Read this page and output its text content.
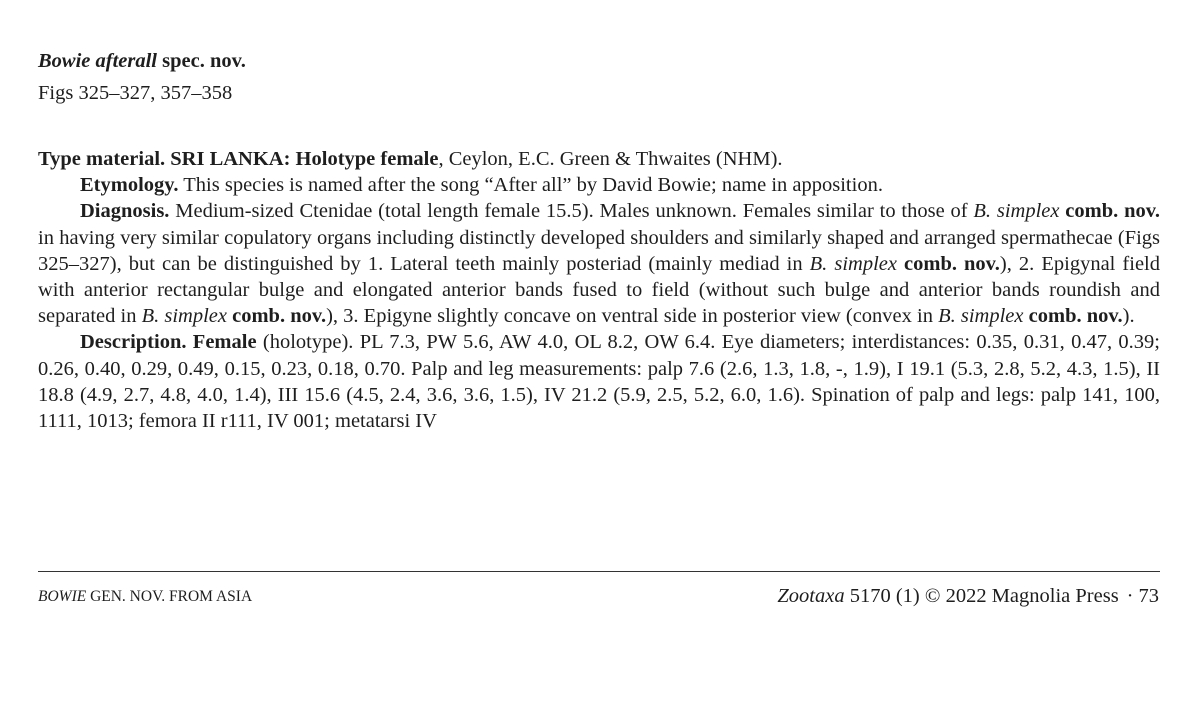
Bowie afterall spec. nov.
Figs 325–327, 357–358

Type material. SRI LANKA: Holotype female, Ceylon, E.C. Green & Thwaites (NHM).

Etymology. This species is named after the song “After all” by David Bowie; name in apposition.

Diagnosis. Medium-sized Ctenidae (total length female 15.5). Males unknown. Females similar to those of B. simplex comb. nov. in having very similar copulatory organs including distinctly developed shoulders and similarly shaped and arranged spermathecae (Figs 325–327), but can be distinguished by 1. Lateral teeth mainly posteriad (mainly mediad in B. simplex comb. nov.), 2. Epigynal field with anterior rectangular bulge and elongated anterior bands fused to field (without such bulge and anterior bands roundish and separated in B. simplex comb. nov.), 3. Epigyne slightly concave on ventral side in posterior view (convex in B. simplex comb. nov.).

Description. Female (holotype). PL 7.3, PW 5.6, AW 4.0, OL 8.2, OW 6.4. Eye diameters; interdistances: 0.35, 0.31, 0.47, 0.39; 0.26, 0.40, 0.29, 0.49, 0.15, 0.23, 0.18, 0.70. Palp and leg measurements: palp 7.6 (2.6, 1.3, 1.8, -, 1.9), I 19.1 (5.3, 2.8, 5.2, 4.3, 1.5), II 18.8 (4.9, 2.7, 4.8, 4.0, 1.4), III 15.6 (4.5, 2.4, 3.6, 3.6, 1.5), IV 21.2 (5.9, 2.5, 5.2, 6.0, 1.6). Spination of palp and legs: palp 141, 100, 1111, 1013; femora II r111, IV 001; metatarsi IV

BOWIE GEN. NOV. FROM ASIA	Zootaxa 5170 (1) © 2022 Magnolia Press · 73
